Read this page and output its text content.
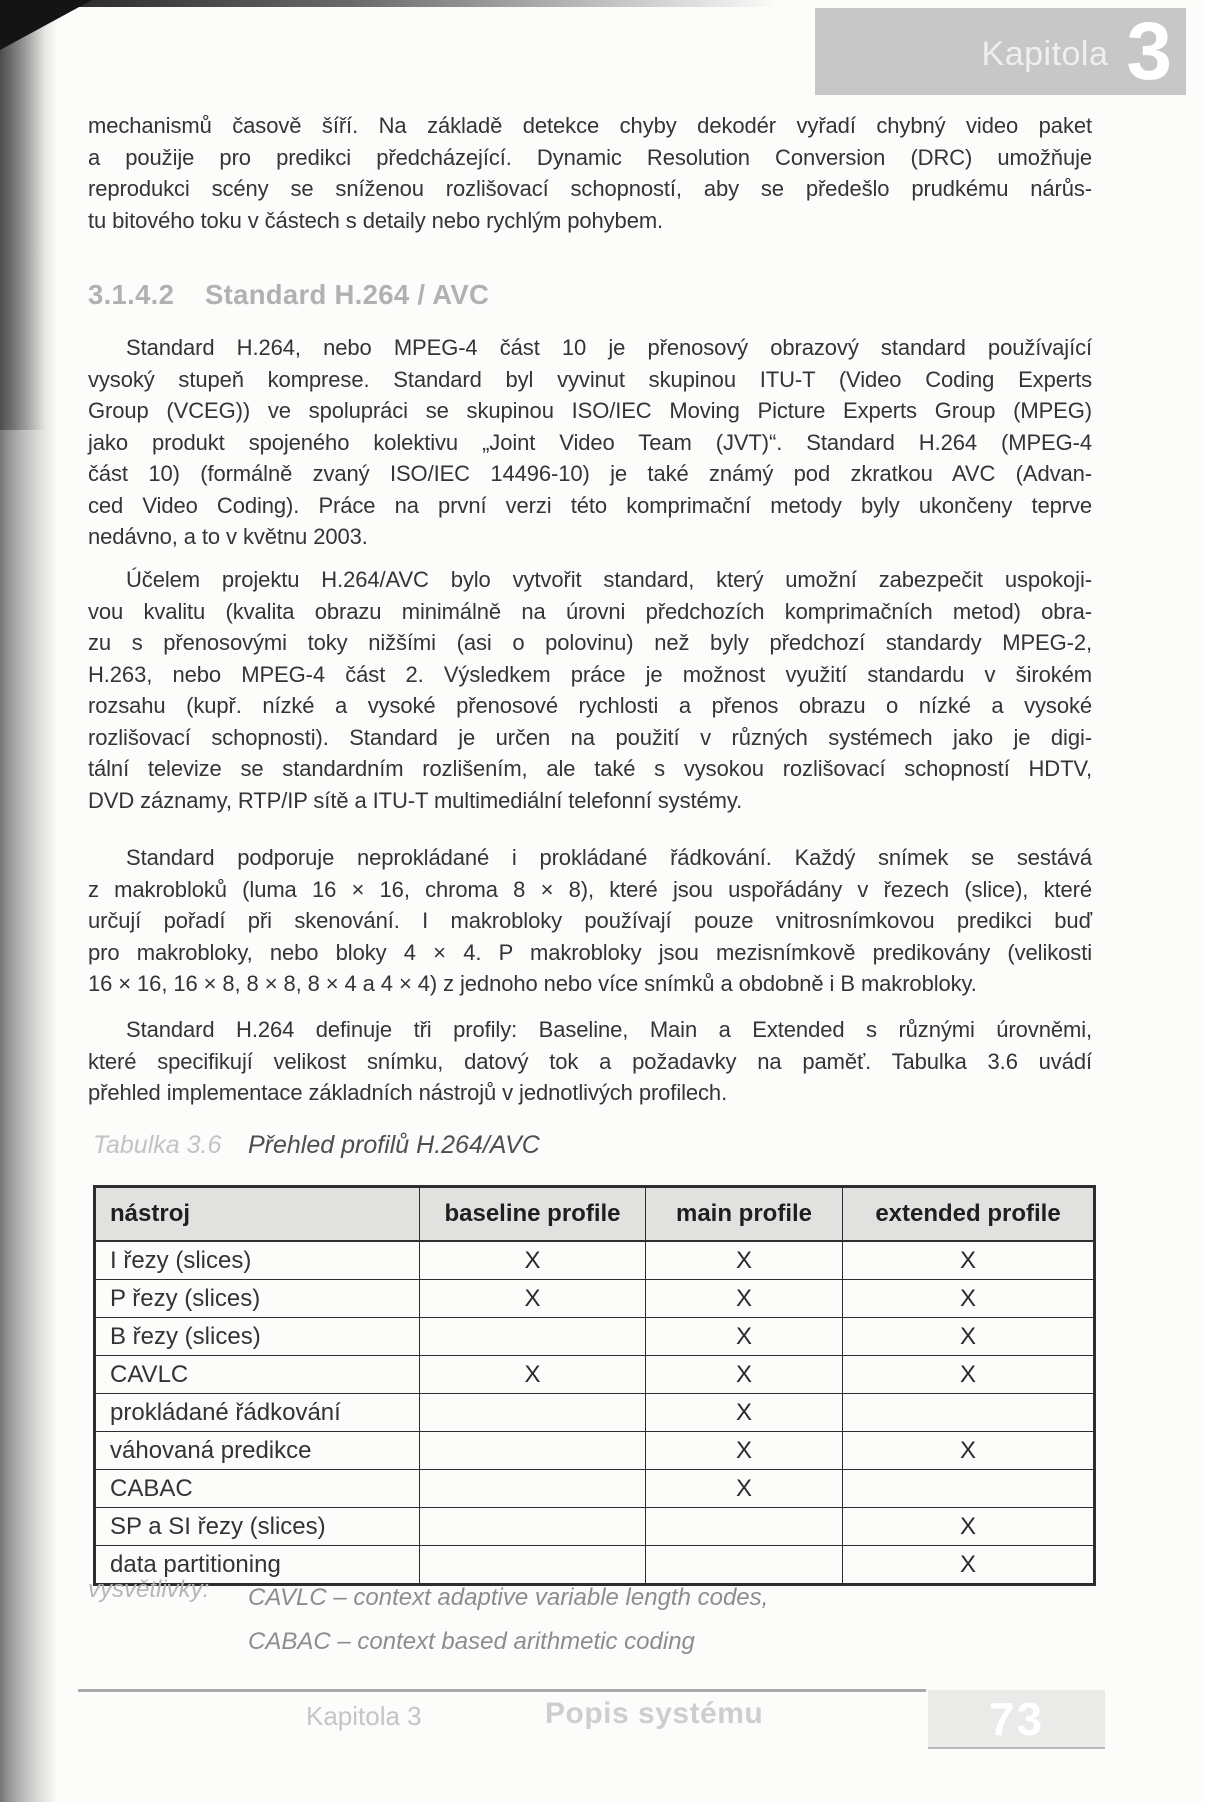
Kapitola 3
mechanismů časově šíří. Na základě detekce chyby dekodér vyřadí chybný video paket
a použije pro predikci předcházející. Dynamic Resolution Conversion (DRC) umožňuje
reprodukci scény se sníženou rozlišovací schopností, aby se předešlo prudkému nárůs-
tu bitového toku v částech s detaily nebo rychlým pohybem.
Standard H.264, nebo MPEG-4 část 10 je přenosový obrazový standard používající
vysoký stupeň komprese. Standard byl vyvinut skupinou ITU-T (Video Coding Experts
Group (VCEG)) ve spolupráci se skupinou ISO/IEC Moving Picture Experts Group (MPEG)
jako produkt spojeného kolektivu „Joint Video Team (JVT)“. Standard H.264 (MPEG-4
část 10) (formálně zvaný ISO/IEC 14496-10) je také známý pod zkratkou AVC (Advan-
ced Video Coding). Práce na první verzi této komprimační metody byly ukončeny teprve
nedávno, a to v květnu 2003.
Účelem projektu H.264/AVC bylo vytvořit standard, který umožní zabezpečit uspokoji-
vou kvalitu (kvalita obrazu minimálně na úrovni předchozích komprimačních metod) obra-
zu s přenosovými toky nižšími (asi o polovinu) než byly předchozí standardy MPEG-2,
H.263, nebo MPEG-4 část 2. Výsledkem práce je možnost využití standardu v širokém
rozsahu (kupř. nízké a vysoké přenosové rychlosti a přenos obrazu o nízké a vysoké
rozlišovací schopnosti). Standard je určen na použití v různých systémech jako je digi-
tální televize se standardním rozlišením, ale také s vysokou rozlišovací schopností HDTV,
DVD záznamy, RTP/IP sítě a ITU-T multimediální telefonní systémy.
Standard podporuje neprokládané i prokládané řádkování. Každý snímek se sestává
z makrobloků (luma 16 × 16, chroma 8 × 8), které jsou uspořádány v řezech (slice), které
určují pořadí při skenování. I makrobloky používají pouze vnitrosnímkovou predikci buď
pro makrobloky, nebo bloky 4 × 4. P makrobloky jsou mezisnímkově predikovány (velikosti
16 × 16, 16 × 8, 8 × 8, 8 × 4 a 4 × 4) z jednoho nebo více snímků a obdobně i B makrobloky.
Standard H.264 definuje tři profily: Baseline, Main a Extended s různými úrovněmi,
které specifikují velikost snímku, datový tok a požadavky na paměť. Tabulka 3.6 uvádí
přehled implementace základních nástrojů v jednotlivých profilech.
3.1.4.2 Standard H.264 / AVC
Tabulka 3.6 Přehled profilů H.264/AVC
nástroj	baseline profile	main profile	extended profile
I řezy (slices)	X	X	X
P řezy (slices)	X	X	X
B řezy (slices)		X	X
CAVLC	X	X	X
prokládané řádkování		X	
váhovaná predikce		X	X
CABAC		X	
SP a SI řezy (slices)			X
data partitioning			X
vysvětlivky:	CAVLC – context adaptive variable length codes,
CABAC – context based arithmetic coding
Kapitola 3	Popis systému	73
